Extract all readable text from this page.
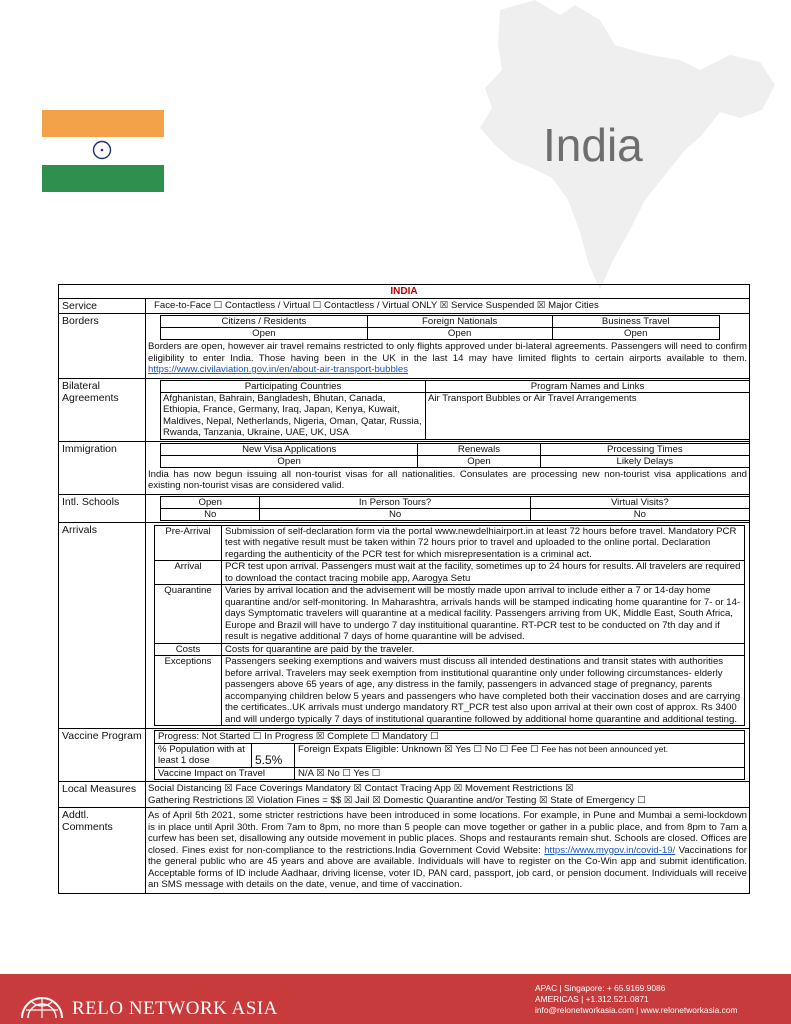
India
INDIA
Service	Face-to-Face ☐ Contactless / Virtual ☐ Contactless / Virtual ONLY ☒ Service Suspended ☒ Major Cities
Borders	Citizens / Residents	Foreign Nationals	Business Travel
Open	Open	Open
Borders are open, however air travel remains restricted to only flights approved under bi-lateral agreements. Passengers will need to confirm eligibility to enter India. Those having been in the UK in the last 14 may have limited flights to certain airports available to them. https://www.civilaviation.gov.in/en/about-air-transport-bubbles
Bilateral Agreements
Participating Countries	Program Names and Links
Afghanistan, Bahrain, Bangladesh, Bhutan, Canada, Ethiopia, France, Germany, Iraq, Japan, Kenya, Kuwait, Maldives, Nepal, Netherlands, Nigeria, Oman, Qatar, Russia, Rwanda, Tanzania, Ukraine, UAE, UK, USA	Air Transport Bubbles or Air Travel Arrangements
Immigration	New Visa Applications	Renewals	Processing Times
Open	Open	Likely Delays
India has now begun issuing all non-tourist visas for all nationalities. Consulates are processing new non-tourist visa applications and existing non-tourist visas are considered valid.
Intl. Schools	Open	In Person Tours?	Virtual Visits?
No	No	No
Arrivals	Pre-Arrival	Submission of self-declaration form via the portal www.newdelhiairport.in at least 72 hours before travel. Mandatory PCR test with negative result must be taken within 72 hours prior to travel and uploaded to the online portal. Declaration regarding the authenticity of the PCR test for which misrepresentation is a criminal act.
Arrival	PCR test upon arrival. Passengers must wait at the facility, sometimes up to 24 hours for results. All travelers are required to download the contact tracing mobile app, Aarogya Setu
Quarantine	Varies by arrival location and the advisement will be mostly made upon arrival to include either a 7 or 14-day home quarantine and/or self-monitoring. In Maharashtra, arrivals hands will be stamped indicating home quarantine for 7- or 14-days Symptomatic travelers will quarantine at a medical facility. Passengers arriving from UK, Middle East, South Africa, Europe and Brazil will have to undergo 7 day instituitional quarantine. RT-PCR test to be conducted on 7th day and if result is negative additional 7 days of home quarantine will be advised.
Costs	Costs for quarantine are paid by the traveler.
Exceptions	Passengers seeking exemptions and waivers must discuss all intended destinations and transit states with authorities before arrival. Travelers may seek exemption from institutional quarantine only under following circumstances- elderly passengers above 65 years of age, any distress in the family, passengers in advanced stage of pregnancy, parents accompanying children below 5 years and passengers who have completed both their vaccination doses and are carrying the certificates..UK arrivals must undergo mandatory RT_PCR test also upon arrival at their own cost of approx. Rs 3400 and will undergo typically 7 days of institutional quarantine followed by additional home quarantine and additional testing.
Vaccine Program	Progress: Not Started ☐ In Progress ☒ Complete ☐ Mandatory ☐		
% Population with at least 1 dose	5.5%	Foreign Expats Eligible: Unknown ☒ Yes ☐ No ☐ Fee ☐ Fee has not been announced yet.
Vaccine Impact on Travel		N/A ☒ No ☐ Yes ☐
Local Measures	Social Distancing ☒ Face Coverings Mandatory ☒ Contact Tracing App ☒ Movement Restrictions ☒
Gathering Restrictions ☒ Violation Fines = $$ ☒ Jail ☒ Domestic Quarantine and/or Testing ☒ State of Emergency ☐
Addtl. Comments
As of April 5th 2021, some stricter restrictions have been introduced in some locations. For example, in Pune and Mumbai a semi-lockdown is in place until April 30th. From 7am to 8pm, no more than 5 people can move together or gather in a public place, and from 8pm to 7am a curfew has been set, disallowing any outside movement in public places. Shops and restaurants remain shut. Schools are closed. Offices are closed. Fines exist for non-compliance to the restrictions.India Government Covid Website: https://www.mygov.in/covid-19/ Vaccinations for the general public who are 45 years and above are available. Individuals will have to register on the Co-Win app and submit identification. Acceptable forms of ID include Aadhaar, driving license, voter ID, PAN card, passport, job card, or pension document. Individuals will receive an SMS message with details on the date, venue, and time of vaccination.
RELO NETWORK ASIA
APAC | Singapore: + 65.9169.9086
AMERICAS | +1.312.521.0871
info@relonetworkasia.com | www.relonetworkasia.com
